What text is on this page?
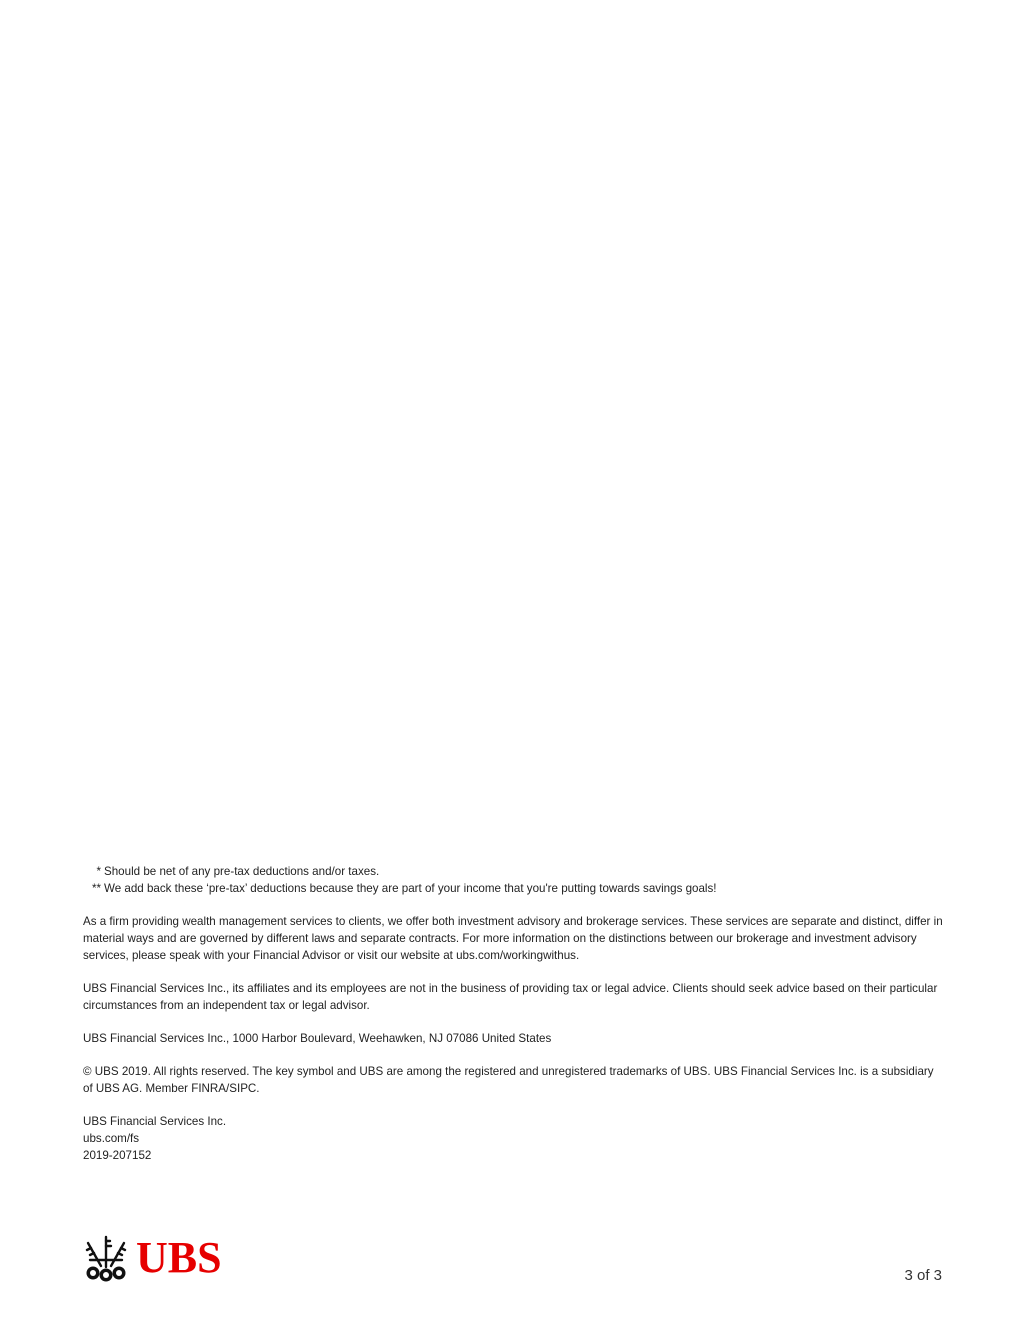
* Should be net of any pre-tax deductions and/or taxes.
** We add back these ‘pre-tax’ deductions because they are part of your income that you're putting towards savings goals!

As a firm providing wealth management services to clients, we offer both investment advisory and brokerage services. These services are separate and distinct, differ in material ways and are governed by different laws and separate contracts. For more information on the distinctions between our brokerage and investment advisory services, please speak with your Financial Advisor or visit our website at ubs.com/workingwithus.

UBS Financial Services Inc., its affiliates and its employees are not in the business of providing tax or legal advice. Clients should seek advice based on their particular circumstances from an independent tax or legal advisor.

UBS Financial Services Inc., 1000 Harbor Boulevard, Weehawken, NJ 07086 United States

© UBS 2019. All rights reserved. The key symbol and UBS are among the registered and unregistered trademarks of UBS. UBS Financial Services Inc. is a subsidiary of UBS AG. Member FINRA/SIPC.

UBS Financial Services Inc.

ubs.com/fs

2019-207152

UBS	3 of 3
